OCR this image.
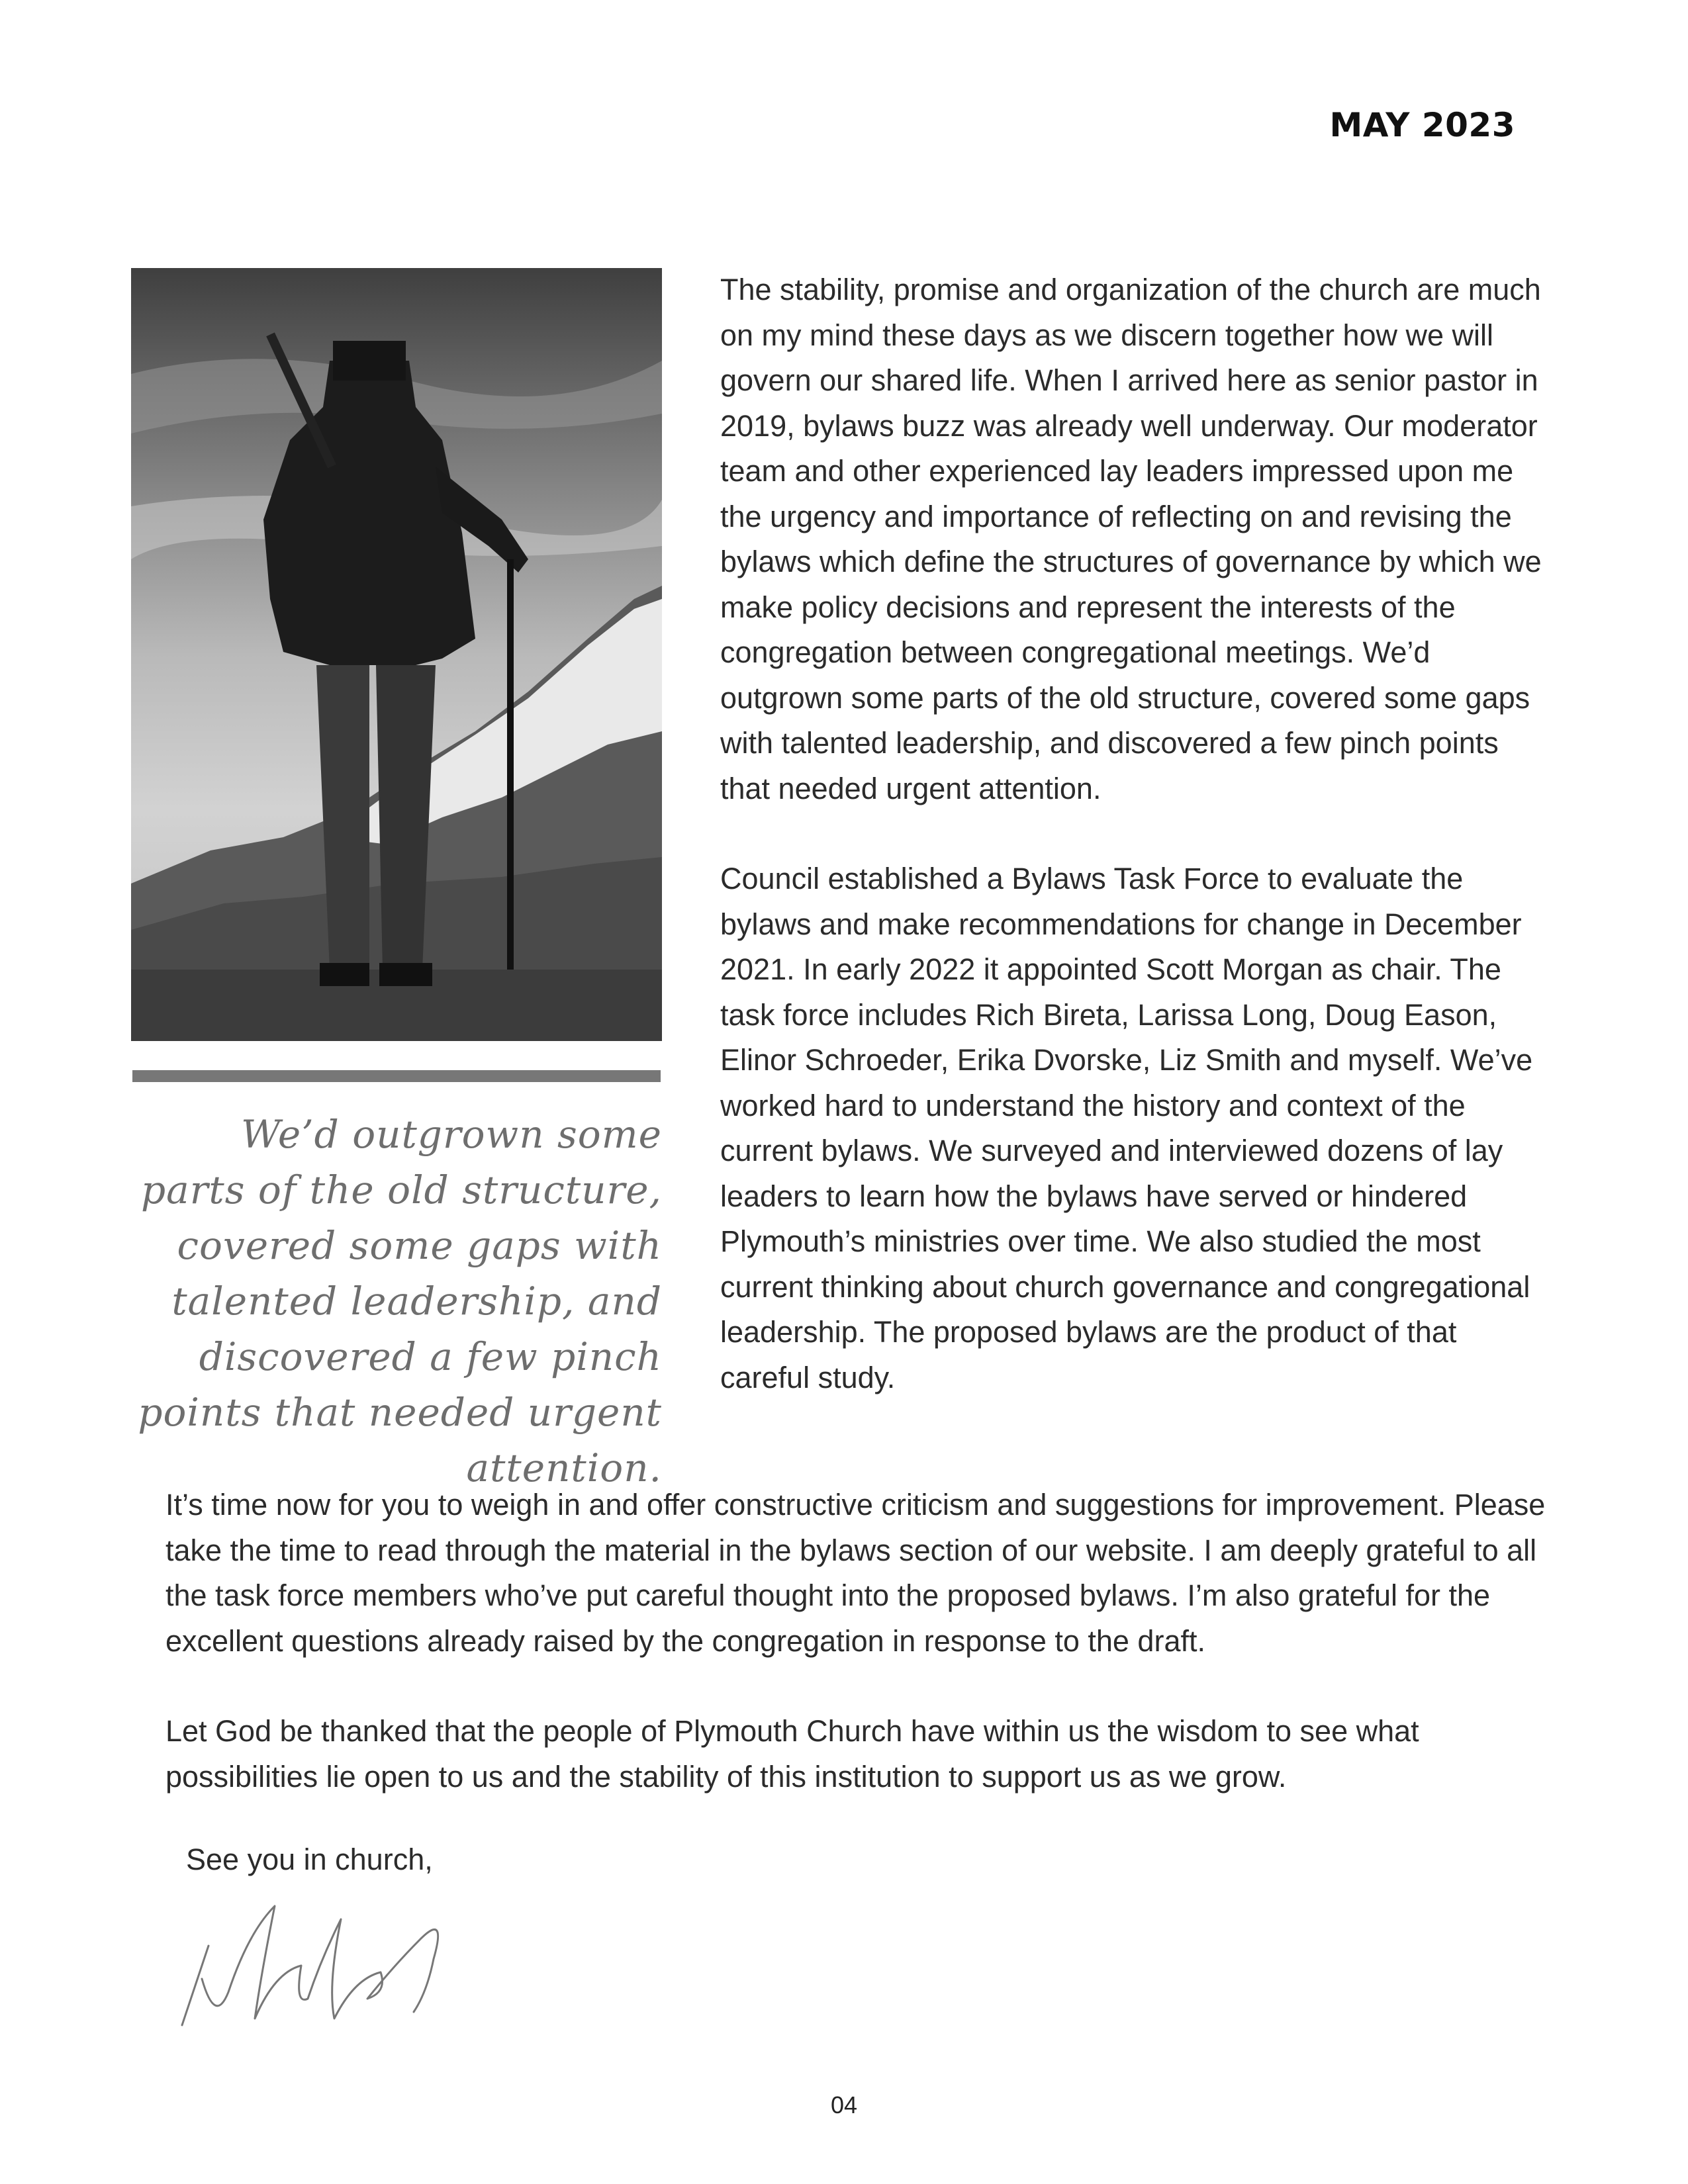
MAY 2023
We’d outgrown some parts of the old structure, covered some gaps with talented leadership, and discovered a few pinch points that needed urgent attention.

The stability, promise and organization of the church are much on my mind these days as we discern together how we will govern our shared life. When I arrived here as senior pastor in 2019, bylaws buzz was already well underway. Our moderator team and other experienced lay leaders impressed upon me the urgency and importance of reflecting on and revising the bylaws which define the structures of governance by which we make policy decisions and represent the interests of the congregation between congregational meetings. We’d outgrown some parts of the old structure, covered some gaps with talented leadership, and discovered a few pinch points that needed urgent attention.

Council established a Bylaws Task Force to evaluate the bylaws and make recommendations for change in December 2021. In early 2022 it appointed Scott Morgan as chair. The task force includes Rich Bireta, Larissa Long, Doug Eason, Elinor Schroeder, Erika Dvorske, Liz Smith and myself. We’ve worked hard to understand the history and context of the current bylaws. We surveyed and interviewed dozens of lay leaders to learn how the bylaws have served or hindered Plymouth’s ministries over time. We also studied the most current thinking about church governance and congregational leadership. The proposed bylaws are the product of that careful study.

It’s time now for you to weigh in and offer constructive criticism and suggestions for improvement. Please take the time to read through the material in the bylaws section of our website. I am deeply grateful to all the task force members who’ve put careful thought into the proposed bylaws. I’m also grateful for the excellent questions already raised by the congregation in response to the draft.

Let God be thanked that the people of Plymouth Church have within us the wisdom to see what possibilities lie open to us and the stability of this institution to support us as we grow.

See you in church,
04
